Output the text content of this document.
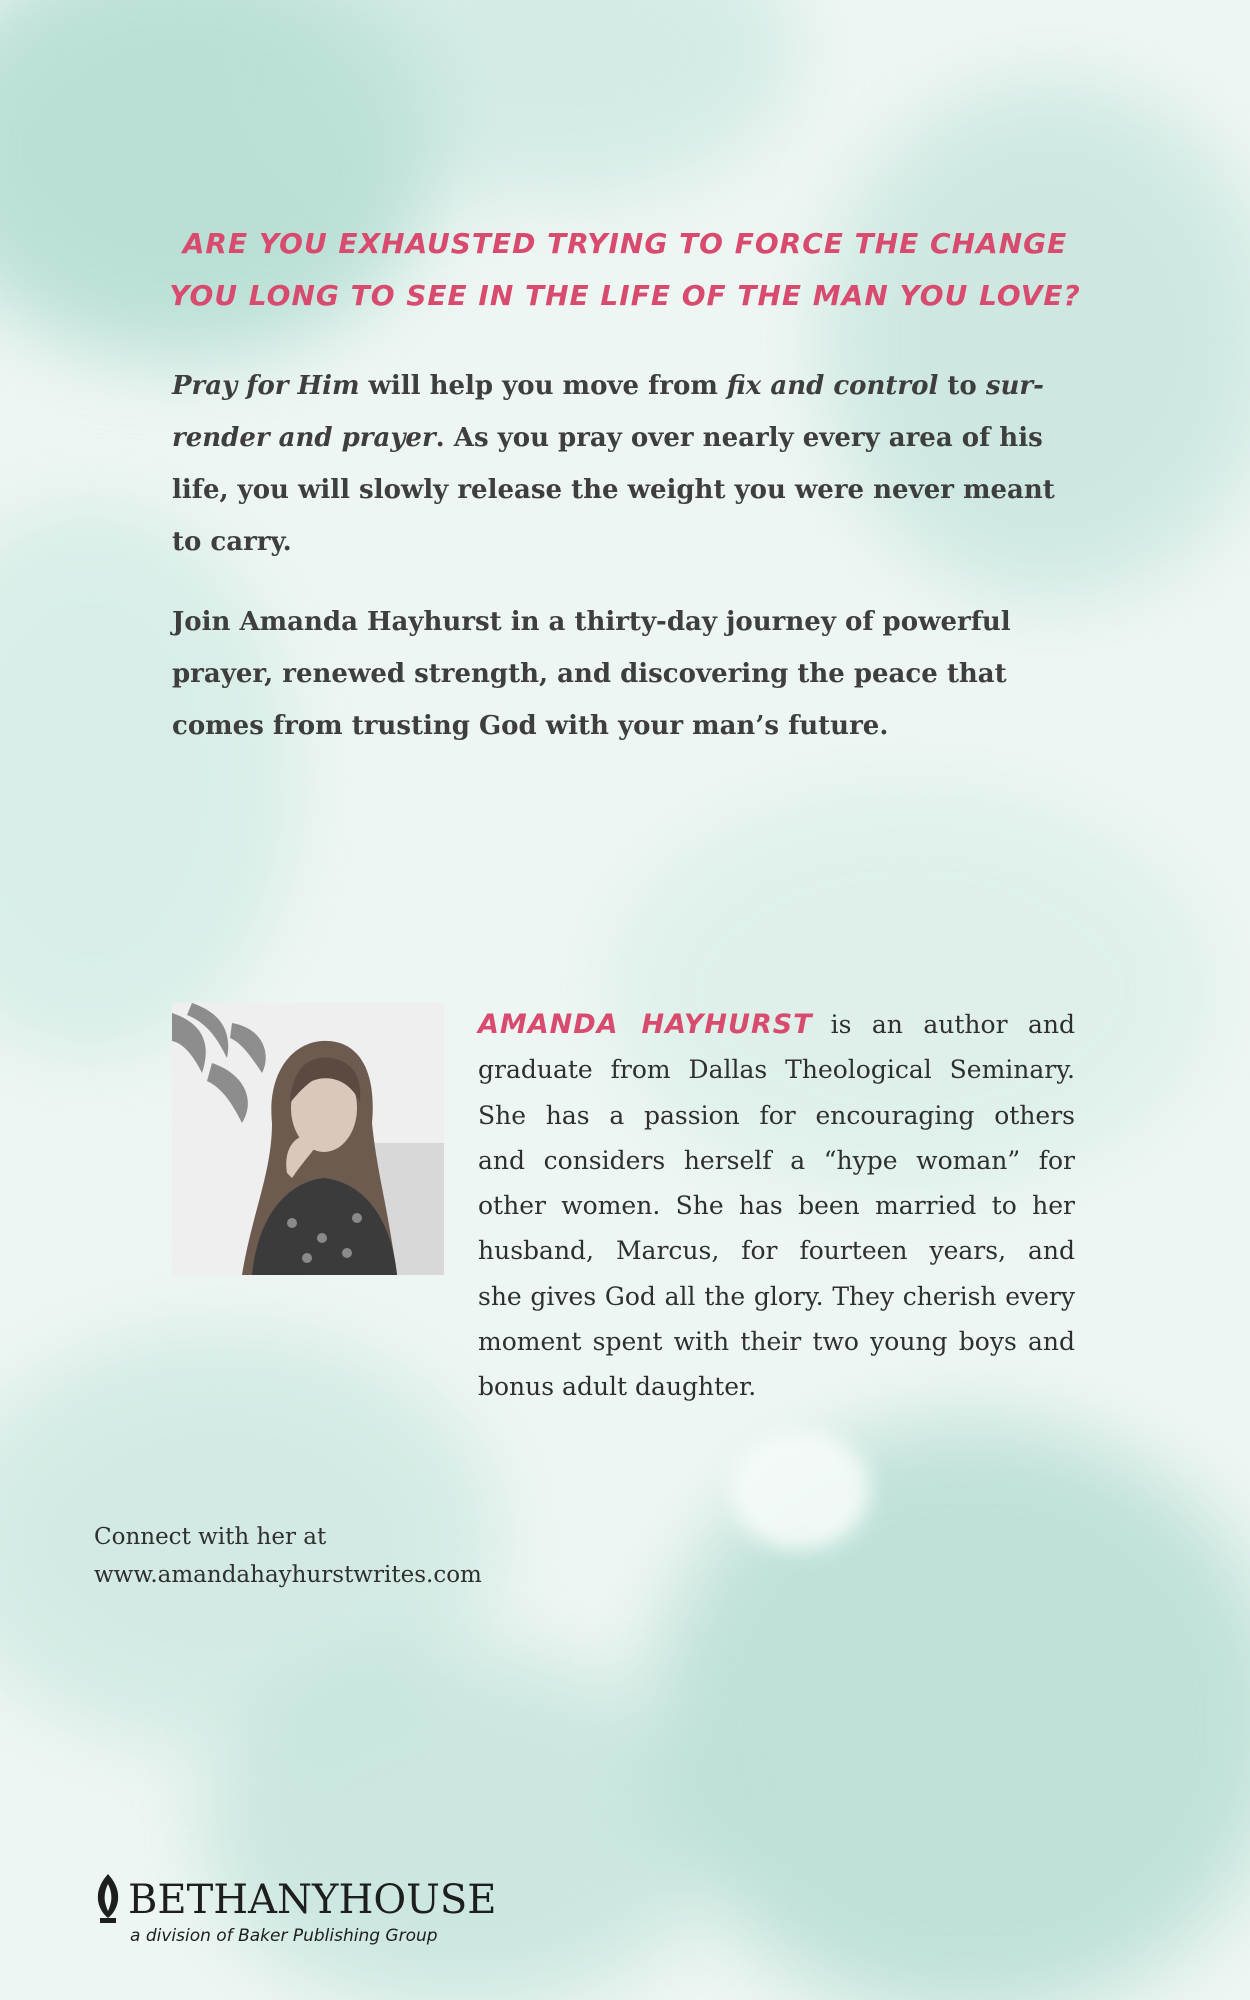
ARE YOU EXHAUSTED TRYING TO FORCE THE CHANGE
YOU LONG TO SEE IN THE LIFE OF THE MAN YOU LOVE?

Pray for Him will help you move from fix and control to sur-render and prayer. As you pray over nearly every area of his life, you will slowly release the weight you were never meant to carry.

Join Amanda Hayhurst in a thirty-day journey of powerful prayer, renewed strength, and discovering the peace that comes from trusting God with your man’s future.

AMANDA HAYHURST is an author and
graduate from Dallas Theological Seminary.
She has a passion for encouraging others
and considers herself a “hype woman” for
other women. She has been married to her
husband, Marcus, for fourteen years, and
she gives God all the glory. They cherish every
moment spent with their two young boys and
bonus adult daughter.

Connect with her at
www.amandahayhurstwrites.com

BETHANYHOUSE
a division of Baker Publishing Group
